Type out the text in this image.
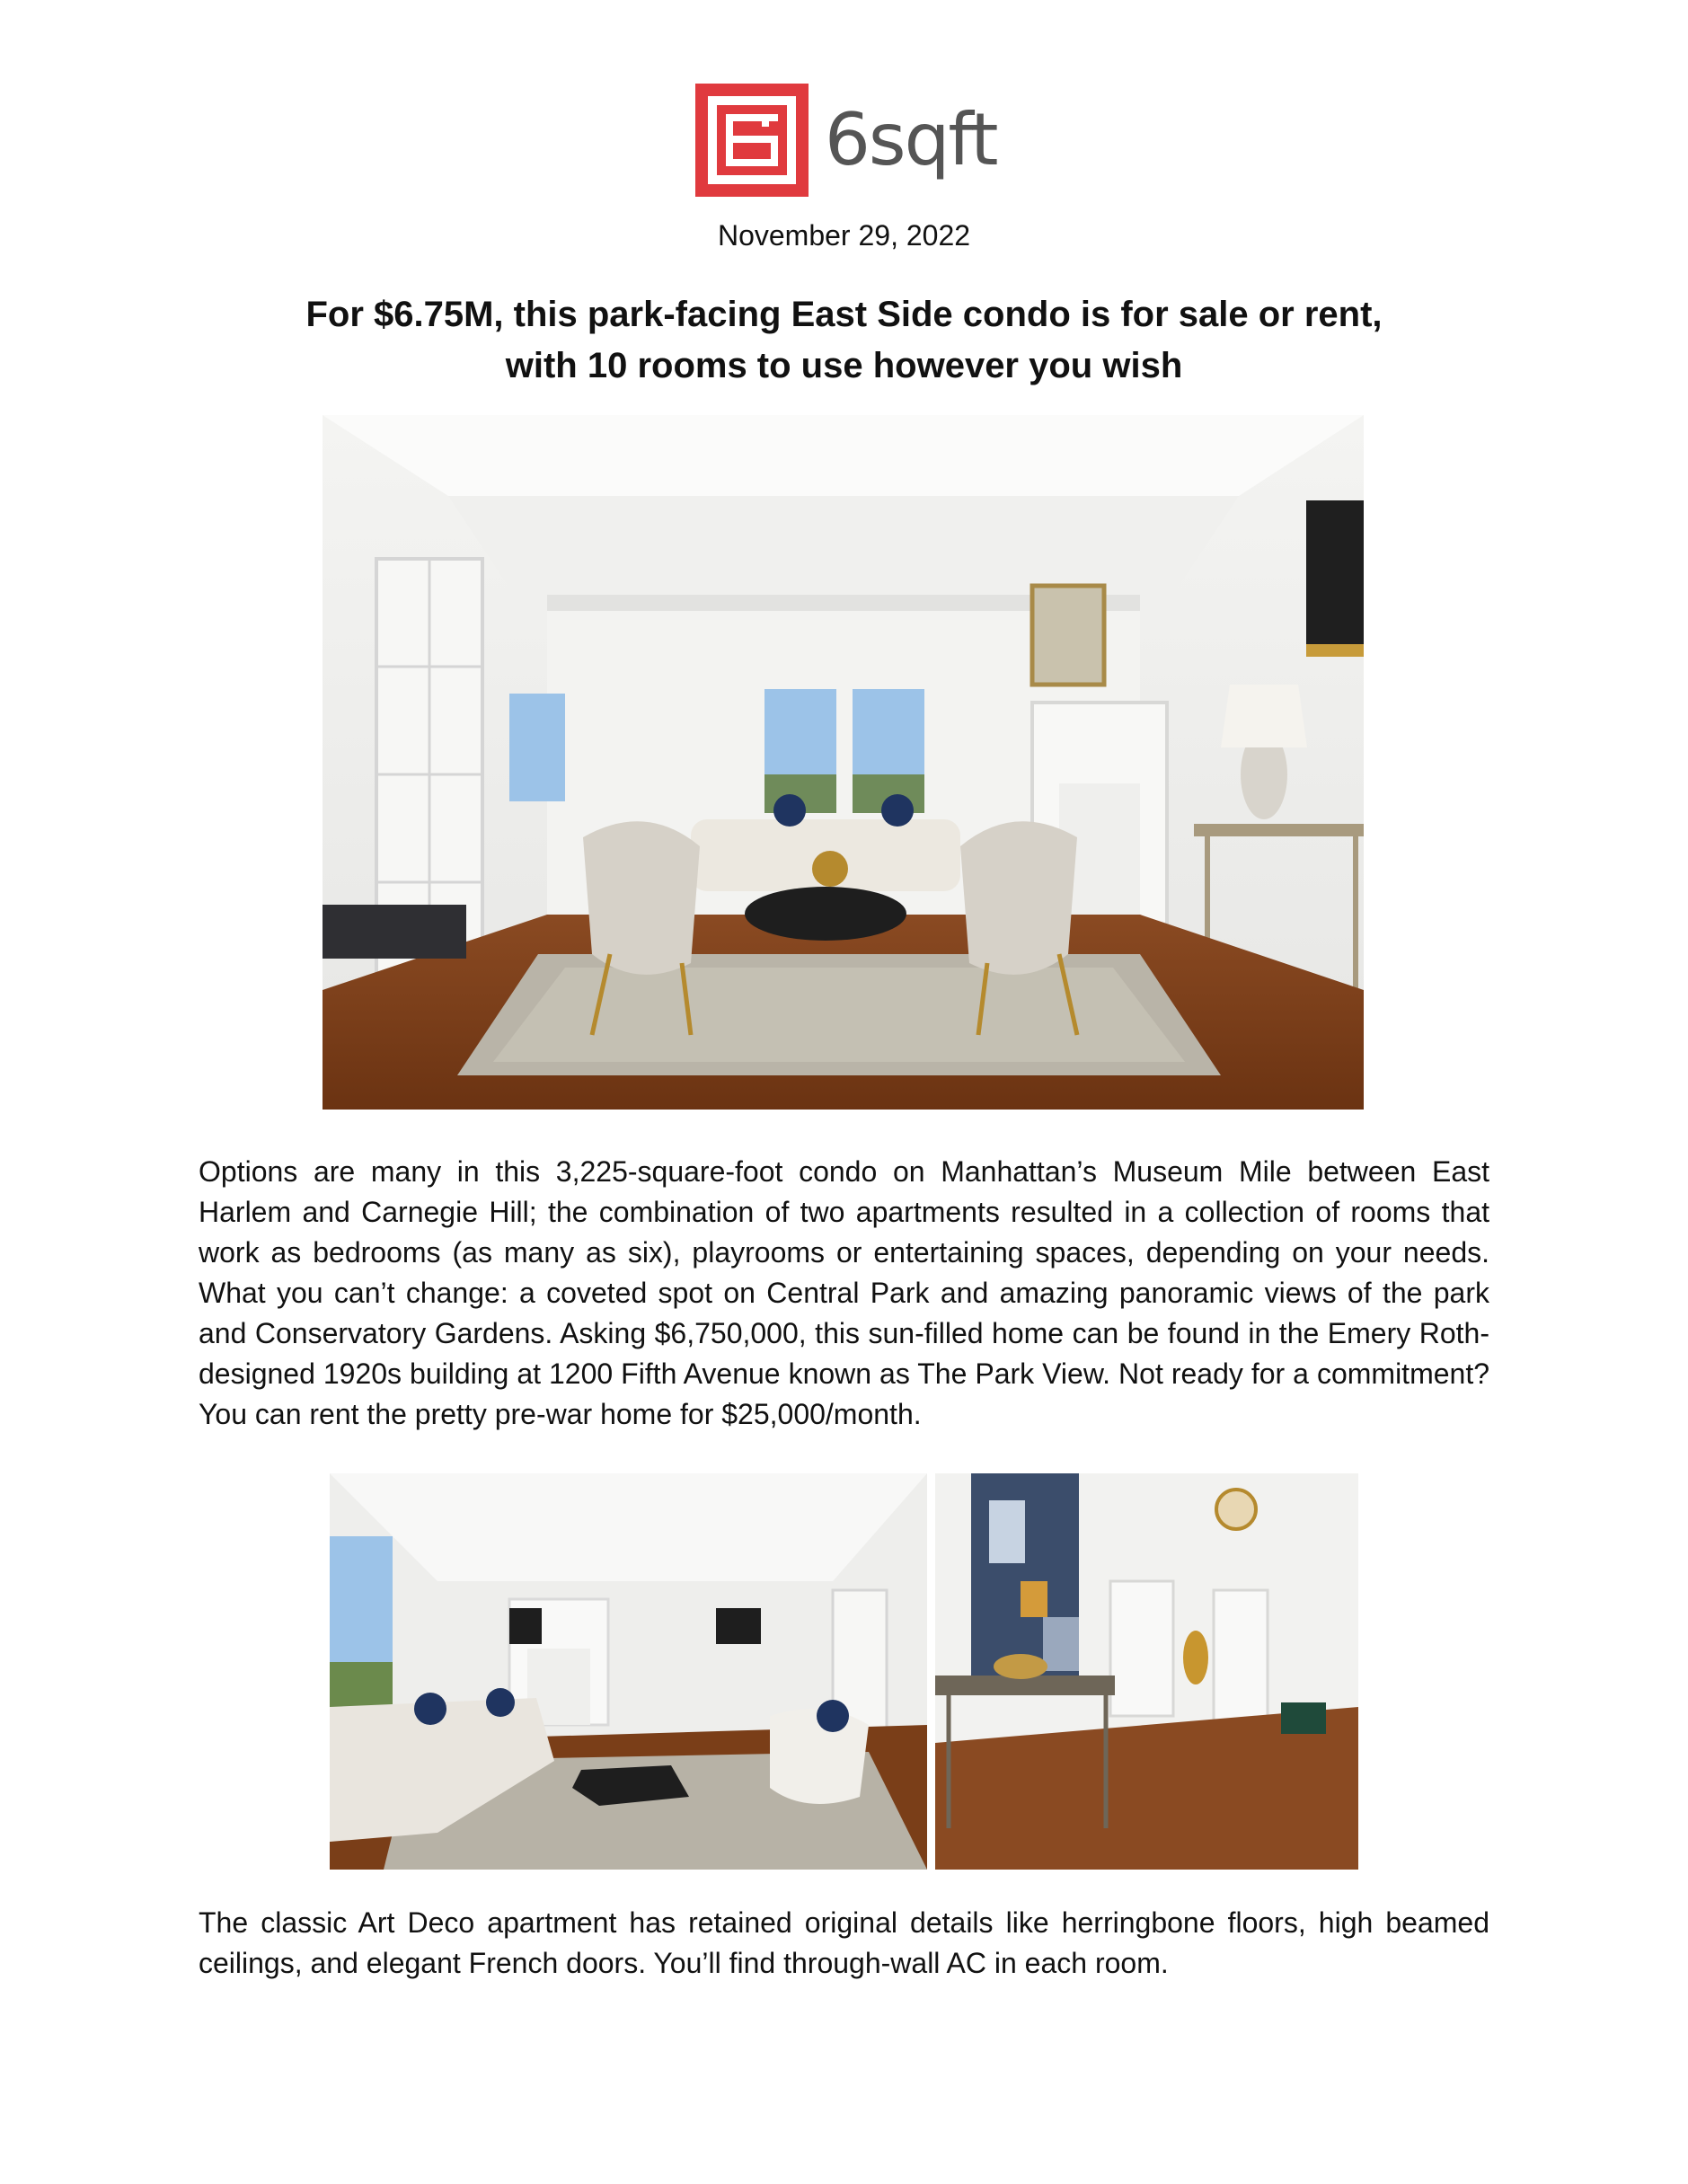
6sqft
November 29, 2022
For $6.75M, this park-facing East Side condo is for sale or rent, with 10 rooms to use however you wish

Options are many in this 3,225-square-foot condo on Manhattan’s Museum Mile between East Harlem and Carnegie Hill; the combination of two apartments resulted in a collection of rooms that work as bedrooms (as many as six), playrooms or entertaining spaces, depending on your needs. What you can’t change: a coveted spot on Central Park and amazing panoramic views of the park and Conservatory Gardens. Asking $6,750,000, this sun-filled home can be found in the Emery Roth-designed 1920s building at 1200 Fifth Avenue known as The Park View. Not ready for a commitment? You can rent the pretty pre-war home for $25,000/month.

The classic Art Deco apartment has retained original details like herringbone floors, high beamed ceilings, and elegant French doors. You’ll find through-wall AC in each room.
